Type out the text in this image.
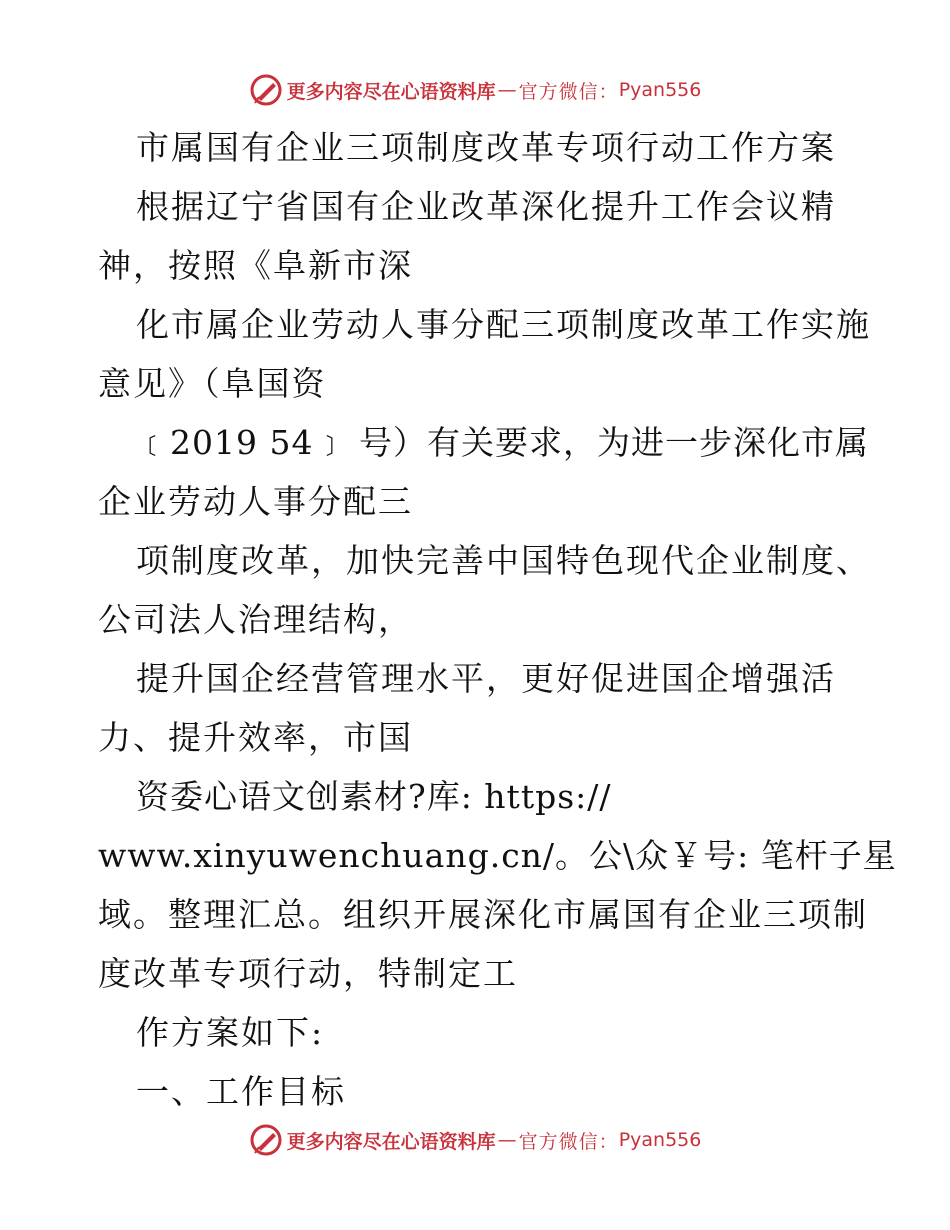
更多内容尽在心语资料库 — 官方微信： Pyan556
市属国有企业三项制度改革专项行动工作方案
根据辽宁省国有企业改革深化提升工作会议精
神，按照《阜新市深
化市属企业劳动人事分配三项制度改革工作实施
意见》（阜国资
﹝2019 54﹞ 号）有关要求，为进一步深化市属
企业劳动人事分配三
项制度改革，加快完善中国特色现代企业制度、
公司法人治理结构，
提升国企经营管理水平，更好促进国企增强活
力、提升效率，市国
资委心语文创素材?库: https://
www.xinyuwenchuang.cn/。公\众￥号: 笔杆子星
域。整理汇总。组织开展深化市属国有企业三项制
度改革专项行动，特制定工
作方案如下:
一、工作目标
更多内容尽在心语资料库 — 官方微信： Pyan556
